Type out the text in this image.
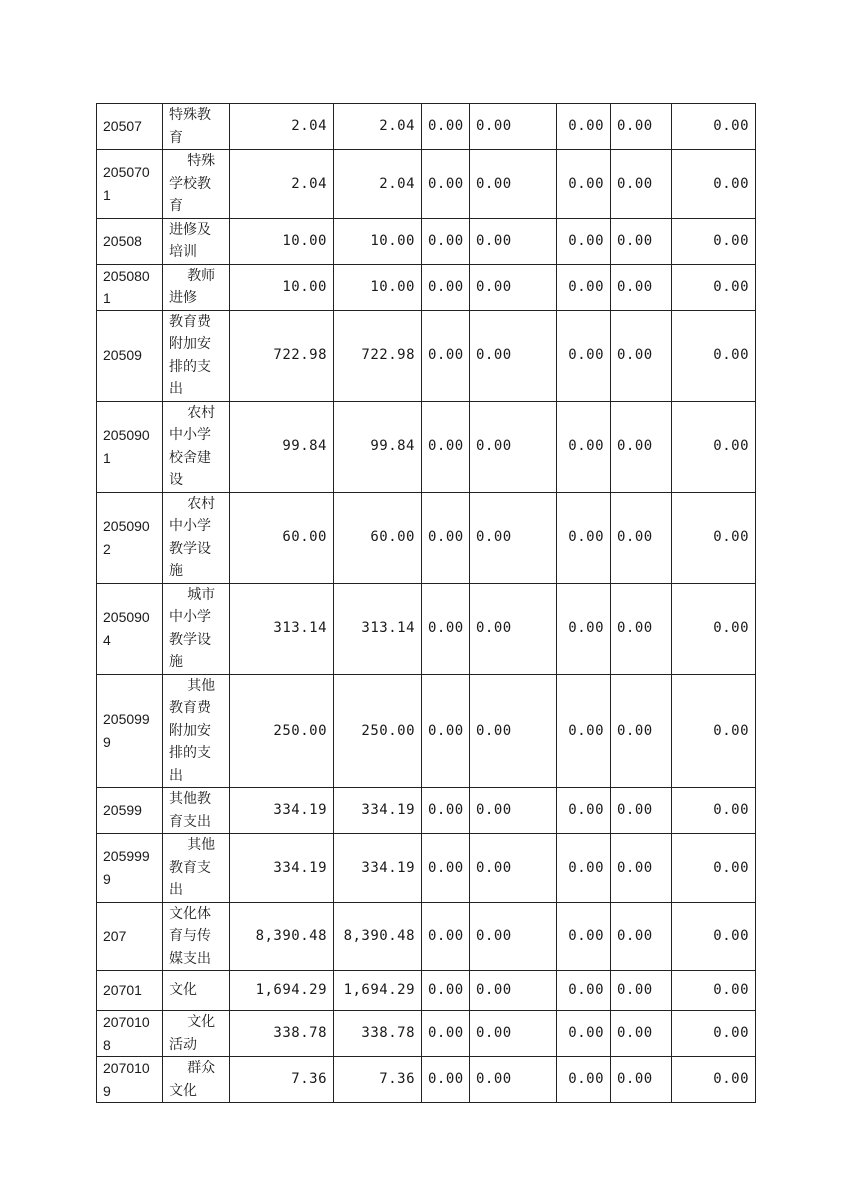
20507	特殊教育	2.04	2.04	0.00	0.00	0.00	0.00	0.00
2050701	特殊学校教育	2.04	2.04	0.00	0.00	0.00	0.00	0.00
20508	进修及培训	10.00	10.00	0.00	0.00	0.00	0.00	0.00
2050801	教师进修	10.00	10.00	0.00	0.00	0.00	0.00	0.00
20509	教育费附加安排的支出	722.98	722.98	0.00	0.00	0.00	0.00	0.00
2050901	农村中小学校舍建设	99.84	99.84	0.00	0.00	0.00	0.00	0.00
2050902	农村中小学教学设施	60.00	60.00	0.00	0.00	0.00	0.00	0.00
2050904	城市中小学教学设施	313.14	313.14	0.00	0.00	0.00	0.00	0.00
2050999	其他教育费附加安排的支出	250.00	250.00	0.00	0.00	0.00	0.00	0.00
20599	其他教育支出	334.19	334.19	0.00	0.00	0.00	0.00	0.00
2059999	其他教育支出	334.19	334.19	0.00	0.00	0.00	0.00	0.00
207	文化体育与传媒支出	8,390.48	8,390.48	0.00	0.00	0.00	0.00	0.00
20701	文化	1,694.29	1,694.29	0.00	0.00	0.00	0.00	0.00
2070108	文化活动	338.78	338.78	0.00	0.00	0.00	0.00	0.00
2070109	群众文化	7.36	7.36	0.00	0.00	0.00	0.00	0.00
